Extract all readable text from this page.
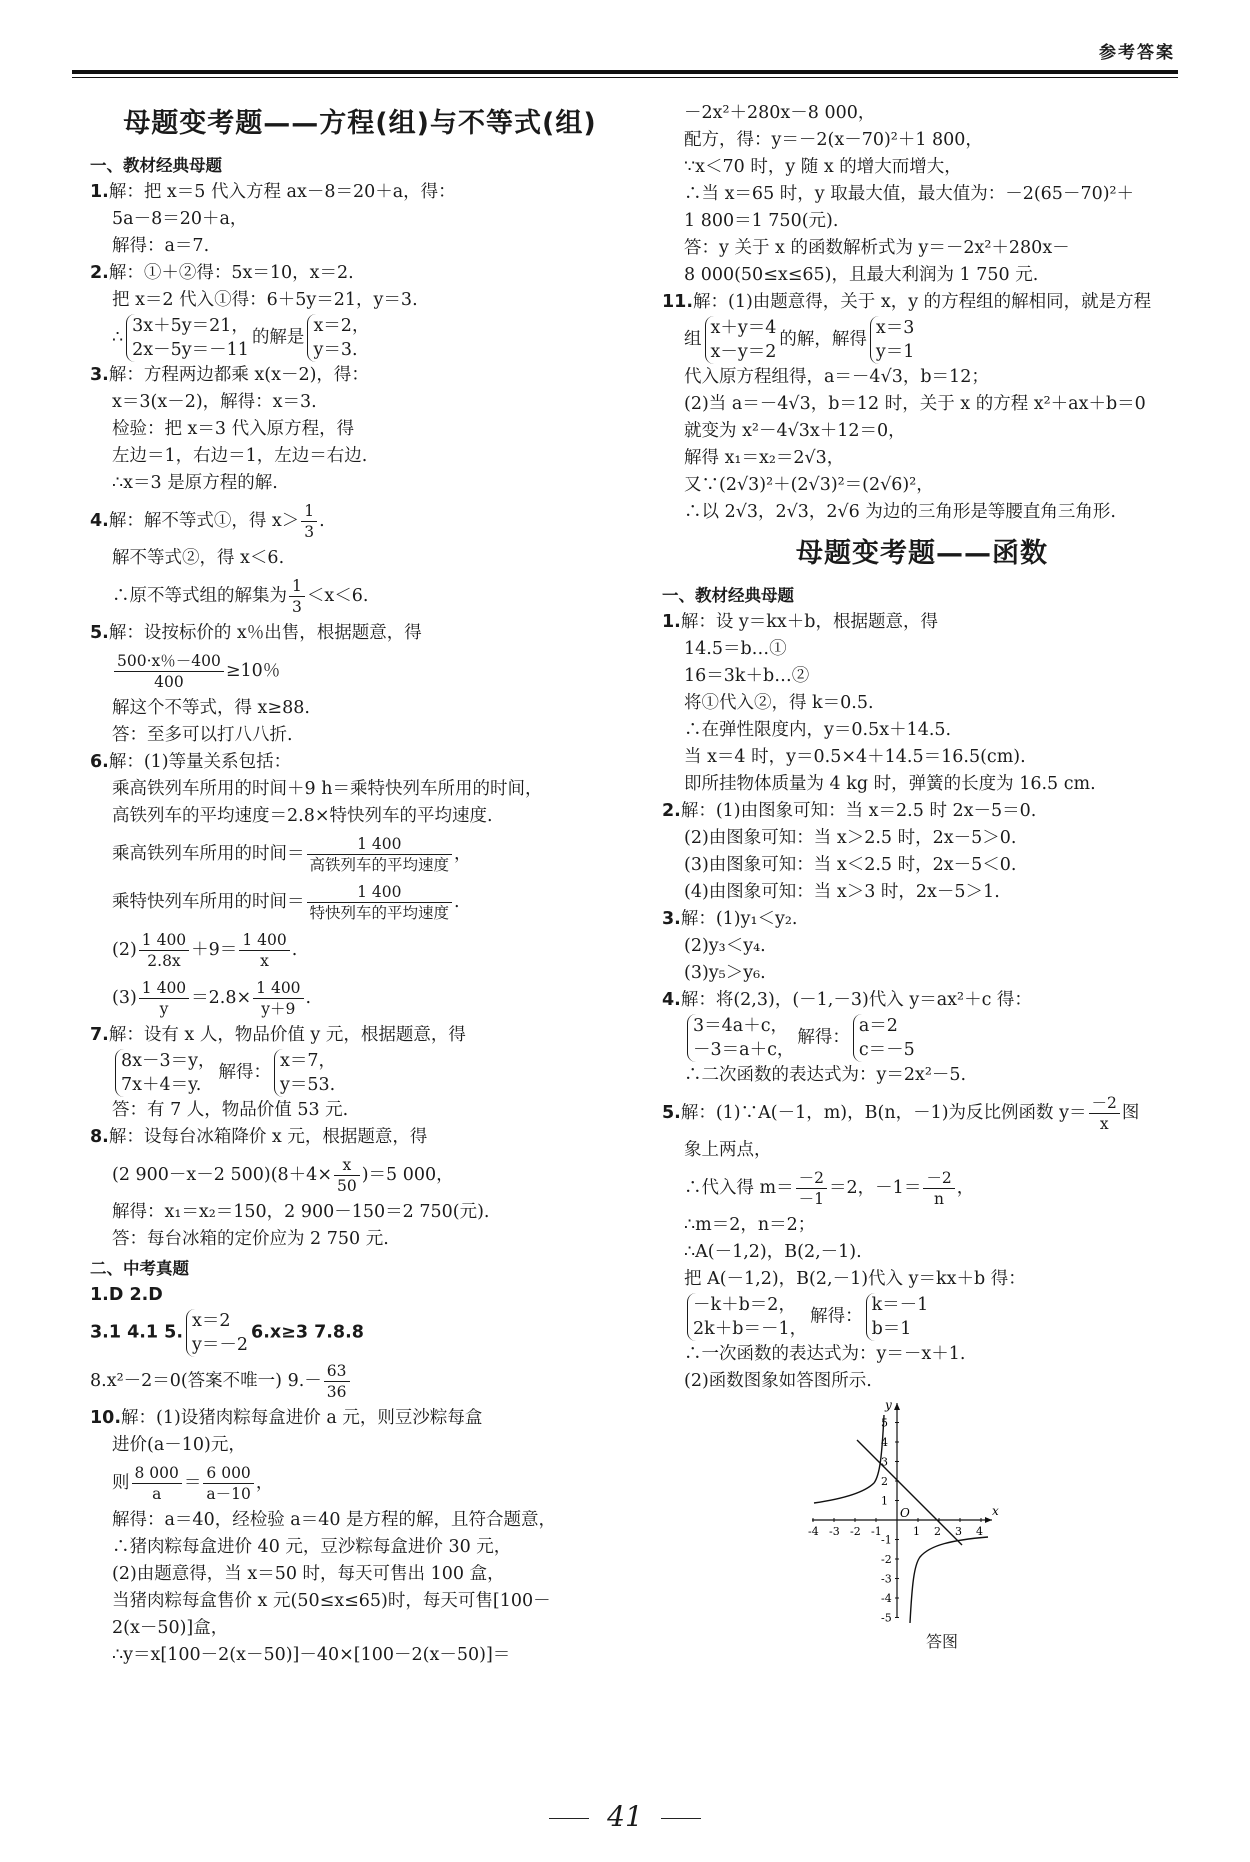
参考答案
母题变考题——方程(组)与不等式(组)
一、教材经典母题
1.解：把 x＝5 代入方程 ax－8＝20＋a，得：
5a－8＝20＋a，
解得：a＝7.
2.解：①＋②得：5x＝10，x＝2.
把 x＝2 代入①得：6＋5y＝21，y＝3.
∴
3x＋5y＝21，
2x－5y＝－11
的解是
x＝2，
y＝3.
3.解：方程两边都乘 x(x－2)，得：
x＝3(x－2)，解得：x＝3.
检验：把 x＝3 代入原方程，得
左边＝1，右边＝1，左边＝右边.
∴x＝3 是原方程的解.
4.解：解不等式①，得 $x> \frac{1}{3}$ .
解不等式②，得 x＜6.
∴原不等式组的解集为 $\frac{1}{3} <x<6$.
5.解：设按标价的 x％出售，根据题意，得
$\frac{500\cdot x\%-400}{400} \ge 10$％
解这个不等式，得 x≥88.
答：至多可以打八八折.
6.解：(1)等量关系包括：
乘高铁列车所用的时间＋9 h＝乘特快列车所用的时间，
高铁列车的平均速度＝2.8×特快列车的平均速度.
乘高铁列车所用的时间＝ $\frac{1 400}{\text{高铁列车的平均速度}}$ ，
乘特快列车所用的时间＝ $\frac{1 400}{\text{特快列车的平均速度}}$ .
$(2) \frac{1 400}{2.8x} +9= \frac{1 400}{x}$ .
$(3) \frac{1 400}{y} =2.8\times \frac{1 400}{y+9}$ .
7.解：设有 x 人，物品价值 y 元，根据题意，得
8x－3＝y，
7x＋4＝y.
解得：
x＝7，
y＝53.
答：有 7 人，物品价值 53 元.
8.解：设每台冰箱降价 x 元，根据题意，得
(2 900－x－2 $500)(8+4\times \frac{x}{50} )=5$ 000，
解得：x₁＝x₂＝150，2 900－150＝2 750(元).
答：每台冰箱的定价应为 2 750 元.
二、中考真题
1.D 2.D
3.1 4.1 5.
x＝2
y＝－2
6.x≥3 7.8.8
8.x²－2＝0(答案不唯一) $9.- \frac{63}{36}$
10.解：(1)设猪肉粽每盒进价 a 元，则豆沙粽每盒
进价(a－10)元，
则 $\frac{8 000}{a} = \frac{6 000}{a-10}$ ，
解得：a＝40，经检验 a＝40 是方程的解，且符合题意，
∴猪肉粽每盒进价 40 元，豆沙粽每盒进价 30 元，
(2)由题意得，当 x＝50 时，每天可售出 100 盒，
当猪肉粽每盒售价 x 元(50≤x≤65)时，每天可售[100－
2(x－50)]盒，
∴y＝x[100－2(x－50)]－40×[100－2(x－50)]＝
－2x²＋280x－8 000，
配方，得：y＝－2(x－70)²＋1 800，
∵x＜70 时，y 随 x 的增大而增大，
∴当 x＝65 时，y 取最大值，最大值为：－2(65－70)²＋
1 800＝1 750(元).
答：y 关于 x 的函数解析式为 y＝－2x²＋280x－
8 000(50≤x≤65)，且最大利润为 1 750 元.
11.解：(1)由题意得，关于 x，y 的方程组的解相同，就是方程
组
x＋y＝4
x－y＝2
的解，解得
x＝3
y＝1
代入原方程组得，a＝－4√3，b＝12；
(2)当 a＝－4√3，b＝12 时，关于 x 的方程 x²＋ax＋b＝0
就变为 x²－4√3x＋12＝0，
解得 x₁＝x₂＝2√3，
又∵(2√3)²＋(2√3)²＝(2√6)²，
∴以 2√3，2√3，2√6 为边的三角形是等腰直角三角形.
母题变考题——函数
一、教材经典母题
1.解：设 y＝kx＋b，根据题意，得
14.5＝b…①
16＝3k＋b…②
将①代入②，得 k＝0.5.
∴在弹性限度内，y＝0.5x＋14.5.
当 x＝4 时，y＝0.5×4＋14.5＝16.5(cm).
即所挂物体质量为 4 kg 时，弹簧的长度为 16.5 cm.
2.解：(1)由图象可知：当 x＝2.5 时 2x－5＝0.
(2)由图象可知：当 x＞2.5 时，2x－5＞0.
(3)由图象可知：当 x＜2.5 时，2x－5＜0.
(4)由图象可知：当 x＞3 时，2x－5＞1.
3.解：(1)y₁＜y₂.
(2)y₃＜y₄.
(3)y₅＞y₆.
4.解：将(2,3)，(－1,－3)代入 y＝ax²＋c 得：
3＝4a＋c，
－3＝a＋c，
解得：
a＝2
c＝－5
∴二次函数的表达式为：y＝2x²－5.
5.解：(1)∵A(－1，m)，B(n，－1)为反比例函数 $y= \frac{-2}{x}$ 图
象上两点，
∴代入得 $m= \frac{-2}{-1} =2$，$-1= \frac{-2}{n}$ ，
∴m＝2，n＝2；
∴A(－1,2)，B(2,－1).
把 A(－1,2)，B(2,－1)代入 y＝kx＋b 得：
－k＋b＝2，
2k＋b＝－1，
解得：
k＝－1
b＝1
∴一次函数的表达式为：y＝－x＋1.
(2)函数图象如答图所示.
-4 -3 -2 -1	1 2 3 4
5
4
3
2
1
-1
-2
-3
-4
-5
x
y
O
答图
41
